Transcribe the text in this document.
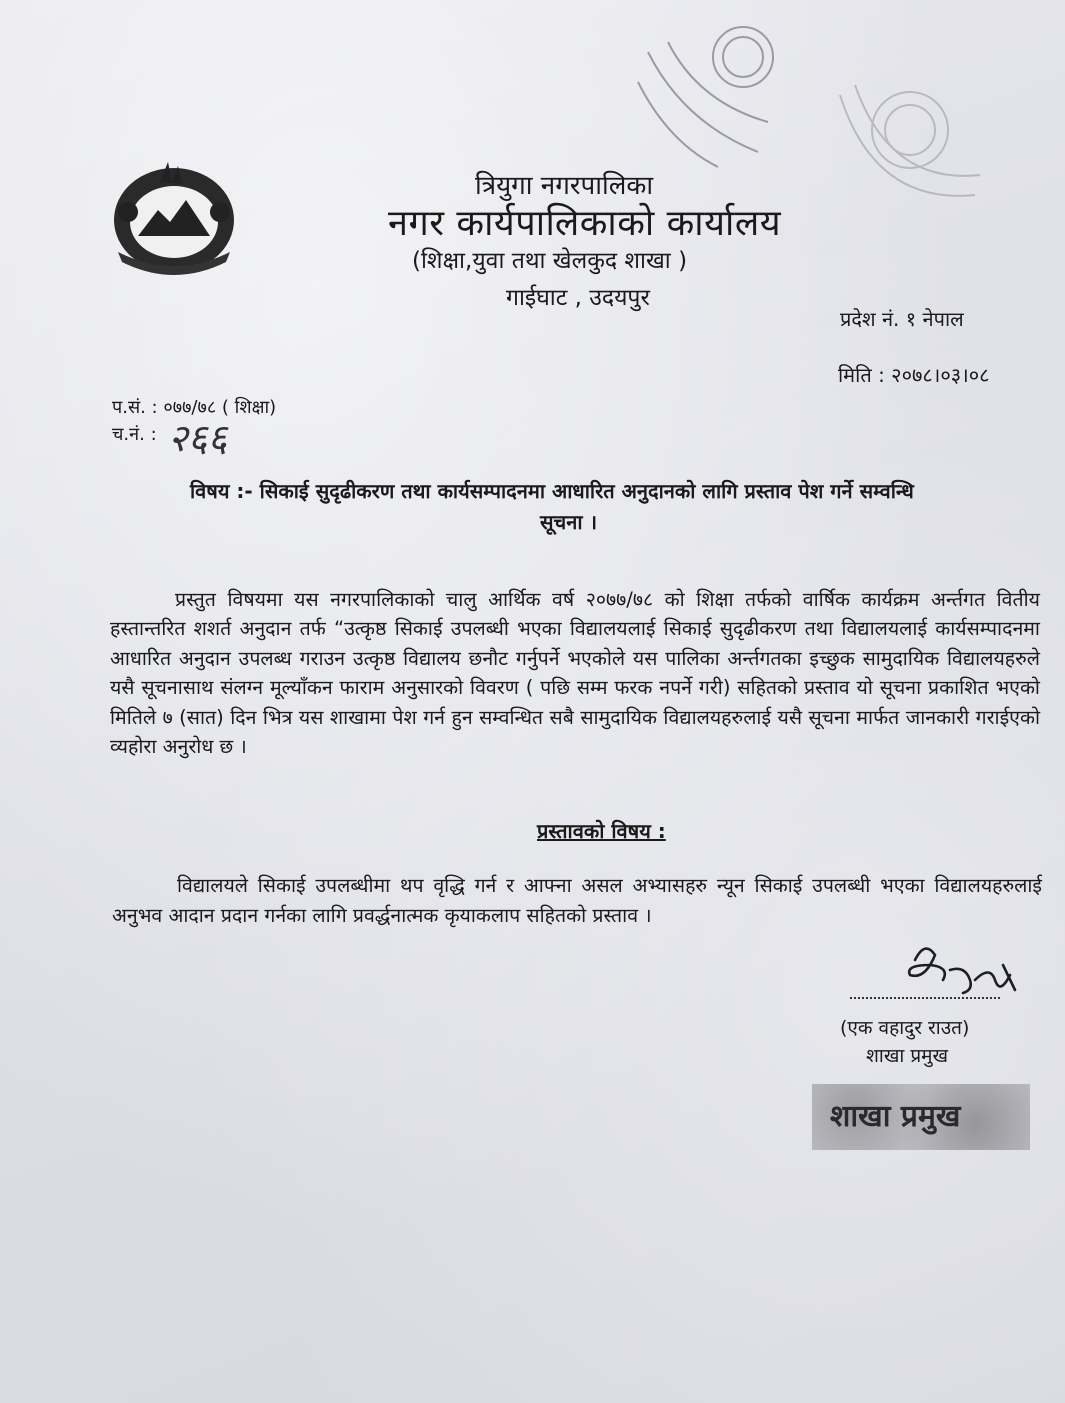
त्रियुगा नगरपालिका
नगर कार्यपालिकाको कार्यालय
(शिक्षा,युवा तथा खेलकुद शाखा )
गाईघाट , उदयपुर
प्रदेश नं. १ नेपाल
मिति : २०७८।०३।०८
प.सं. : ०७७/७८ ( शिक्षा)
च.नं. : २६६
विषय :- सिकाई सुदृढीकरण तथा कार्यसम्पादनमा आधारित अनुदानको लागि प्रस्ताव पेश गर्ने सम्वन्धि
सूचना ।
प्रस्तुत विषयमा यस नगरपालिकाको चालु आर्थिक वर्ष २०७७/७८ को शिक्षा तर्फको वार्षिक कार्यक्रम अर्न्तगत वितीय हस्तान्तरित शशर्त अनुदान तर्फ “उत्कृष्ठ सिकाई उपलब्धी भएका विद्यालयलाई सिकाई सुदृढीकरण तथा विद्यालयलाई कार्यसम्पादनमा आधारित अनुदान उपलब्ध गराउन उत्कृष्ठ विद्यालय छनौट गर्नुपर्ने भएकोले यस पालिका अर्न्तगतका इच्छुक सामुदायिक विद्यालयहरुले यसै सूचनासाथ संलग्न मूल्याँकन फाराम अनुसारको विवरण ( पछि सम्म फरक नपर्ने गरी) सहितको प्रस्ताव यो सूचना प्रकाशित भएको मितिले ७ (सात) दिन भित्र यस शाखामा पेश गर्न हुन सम्वन्धित सबै सामुदायिक विद्यालयहरुलाई यसै सूचना मार्फत जानकारी गराईएको व्यहोरा अनुरोध छ ।
प्रस्तावको विषय :
विद्यालयले सिकाई उपलब्धीमा थप वृद्धि गर्न र आफ्ना असल अभ्यासहरु न्यून सिकाई उपलब्धी भएका विद्यालयहरुलाई अनुभव आदान प्रदान गर्नका लागि प्रवर्द्धनात्मक कृयाकलाप सहितको प्रस्ताव ।
(एक वहादुर राउत)
शाखा प्रमुख
शाखा प्रमुख
